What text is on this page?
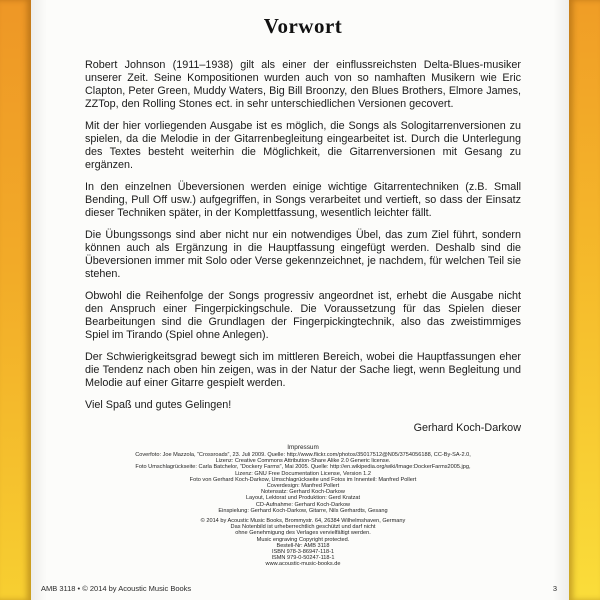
Vorwort

Robert Johnson (1911–1938) gilt als einer der einflussreichsten Delta-Blues-musiker unserer Zeit. Seine Kompositionen wurden auch von so namhaften Musikern wie Eric Clapton, Peter Green, Muddy Waters, Big Bill Broonzy, den Blues Brothers, Elmore James, ZZTop, den Rolling Stones ect. in sehr unterschiedlichen Versionen gecovert.

Mit der hier vorliegenden Ausgabe ist es möglich, die Songs als Sologitarrenversionen zu spielen, da die Melodie in der Gitarrenbegleitung eingearbeitet ist. Durch die Unterlegung des Textes besteht weiterhin die Möglichkeit, die Gitarrenversionen mit Gesang zu ergänzen.

In den einzelnen Übeversionen werden einige wichtige Gitarrentechniken (z.B. Small Bending, Pull Off usw.) aufgegriffen, in Songs verarbeitet und vertieft, so dass der Einsatz dieser Techniken später, in der Komplettfassung, wesentlich leichter fällt.

Die Übungssongs sind aber nicht nur ein notwendiges Übel, das zum Ziel führt, sondern können auch als Ergänzung in die Hauptfassung eingefügt werden. Deshalb sind die Übeversionen immer mit Solo oder Verse gekennzeichnet, je nachdem, für welchen Teil sie stehen.

Obwohl die Reihenfolge der Songs progressiv angeordnet ist, erhebt die Ausgabe nicht den Anspruch einer Fingerpickingschule. Die Voraussetzung für das Spielen dieser Bearbeitungen sind die Grundlagen der Fingerpickingtechnik, also das zweistimmiges Spiel im Tirando (Spiel ohne Anlegen).

Der Schwierigkeitsgrad bewegt sich im mittleren Bereich, wobei die Hauptfassungen eher die Tendenz nach oben hin zeigen, was in der Natur der Sache liegt, wenn Begleitung und Melodie auf einer Gitarre gespielt werden.

Viel Spaß und gutes Gelingen!

Gerhard Koch-Darkow

Impressum
Coverfoto: Joe Mazzola, “Crossroads”, 23. Juli 2009. Quelle: http://www.flickr.com/photos/35017512@N05/3754056188, CC-By-SA-2.0, Lizenz: Creative Commons Attribution-Share Alike 2.0 Generic license.
Foto Umschlagrückseite: Carla Batchelor, “Dockery Farms”, Mai 2005. Quelle: http://en.wikipedia.org/wiki/Image:DockerFarms2005.jpg, Lizenz: GNU Free Documentation License, Version 1.2
Foto von Gerhard Koch-Darkow, Umschlagrückseite und Fotos im Innenteil: Manfred Pollert
Coverdesign: Manfred Pollert
Notensatz: Gerhard Koch-Darkow
Layout, Lektorat und Produktion: Gerd Kratzat
CD-Aufnahme: Gerhard Koch-Darkow
Einspielung: Gerhard Koch-Darkow, Gitarre, Nils Gerhardts, Gesang
© 2014 by Acoustic Music Books, Brommystr. 64, 26384 Wilhelmshaven, Germany
Das Notenbild ist urheberrechtlich geschützt und darf nicht
ohne Genehmigung des Verlages vervielfältigt werden.
Music engraving Copyright protected.
Bestell-Nr: AMB 3118
ISBN 978-3-86947-118-1
ISMN 979-0-50247-118-1
www.acoustic-music-books.de
AMB 3118 • © 2014 by Acoustic Music Books	3
